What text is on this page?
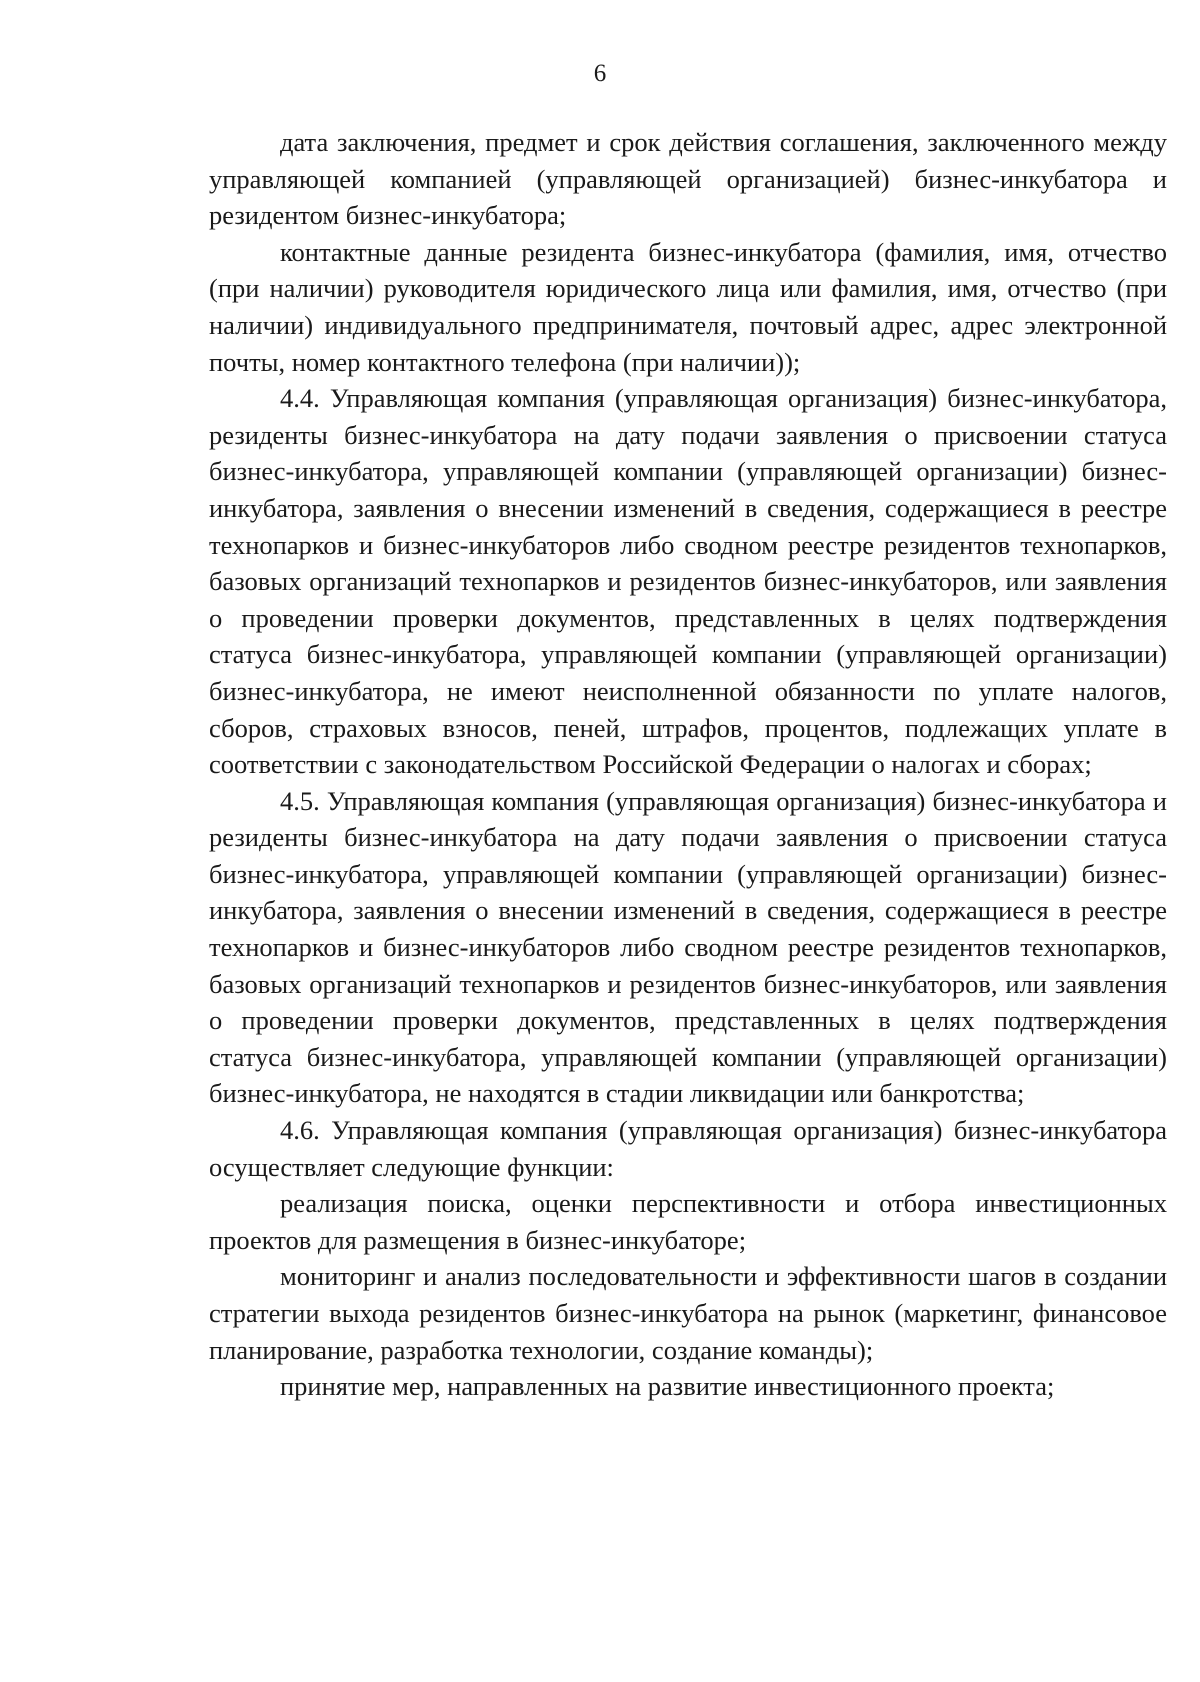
6

дата заключения, предмет и срок действия соглашения, заключенного между управляющей компанией (управляющей организацией) бизнес-инкубатора и резидентом бизнес-инкубатора;

контактные данные резидента бизнес-инкубатора (фамилия, имя, отчество (при наличии) руководителя юридического лица или фамилия, имя, отчество (при наличии) индивидуального предпринимателя, почтовый адрес, адрес электронной почты, номер контактного телефона (при наличии));

4.4. Управляющая компания (управляющая организация) бизнес-инкубатора, резиденты бизнес-инкубатора на дату подачи заявления о присвоении статуса бизнес-инкубатора, управляющей компании (управляющей организации) бизнес-инкубатора, заявления о внесении изменений в сведения, содержащиеся в реестре технопарков и бизнес-инкубаторов либо сводном реестре резидентов технопарков, базовых организаций технопарков и резидентов бизнес-инкубаторов, или заявления о проведении проверки документов, представленных в целях подтверждения статуса бизнес-инкубатора, управляющей компании (управляющей организации) бизнес-инкубатора, не имеют неисполненной обязанности по уплате налогов, сборов, страховых взносов, пеней, штрафов, процентов, подлежащих уплате в соответствии с законодательством Российской Федерации о налогах и сборах;

4.5. Управляющая компания (управляющая организация) бизнес-инкубатора и резиденты бизнес-инкубатора на дату подачи заявления о присвоении статуса бизнес-инкубатора, управляющей компании (управляющей организации) бизнес-инкубатора, заявления о внесении изменений в сведения, содержащиеся в реестре технопарков и бизнес-инкубаторов либо сводном реестре резидентов технопарков, базовых организаций технопарков и резидентов бизнес-инкубаторов, или заявления о проведении проверки документов, представленных в целях подтверждения статуса бизнес-инкубатора, управляющей компании (управляющей организации) бизнес-инкубатора, не находятся в стадии ликвидации или банкротства;

4.6. Управляющая компания (управляющая организация) бизнес-инкубатора осуществляет следующие функции:

реализация поиска, оценки перспективности и отбора инвестиционных проектов для размещения в бизнес-инкубаторе;

мониторинг и анализ последовательности и эффективности шагов в создании стратегии выхода резидентов бизнес-инкубатора на рынок (маркетинг, финансовое планирование, разработка технологии, создание команды);

принятие мер, направленных на развитие инвестиционного проекта;
